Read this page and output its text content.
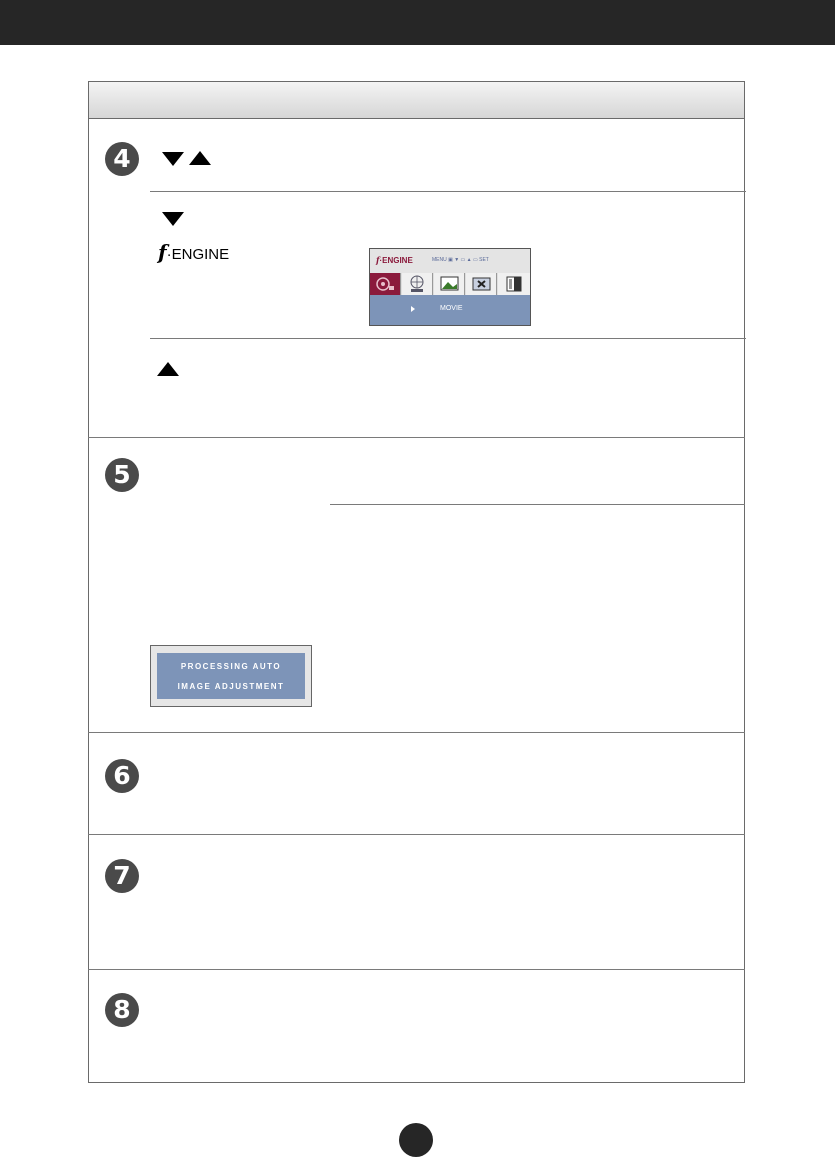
4
5
6
7
8
f·ENGINE	f·ENGINE	MENU ▣ ▼ ▭ ▲ ▭ SET
MOVIE
PROCESSING AUTO
IMAGE ADJUSTMENT
